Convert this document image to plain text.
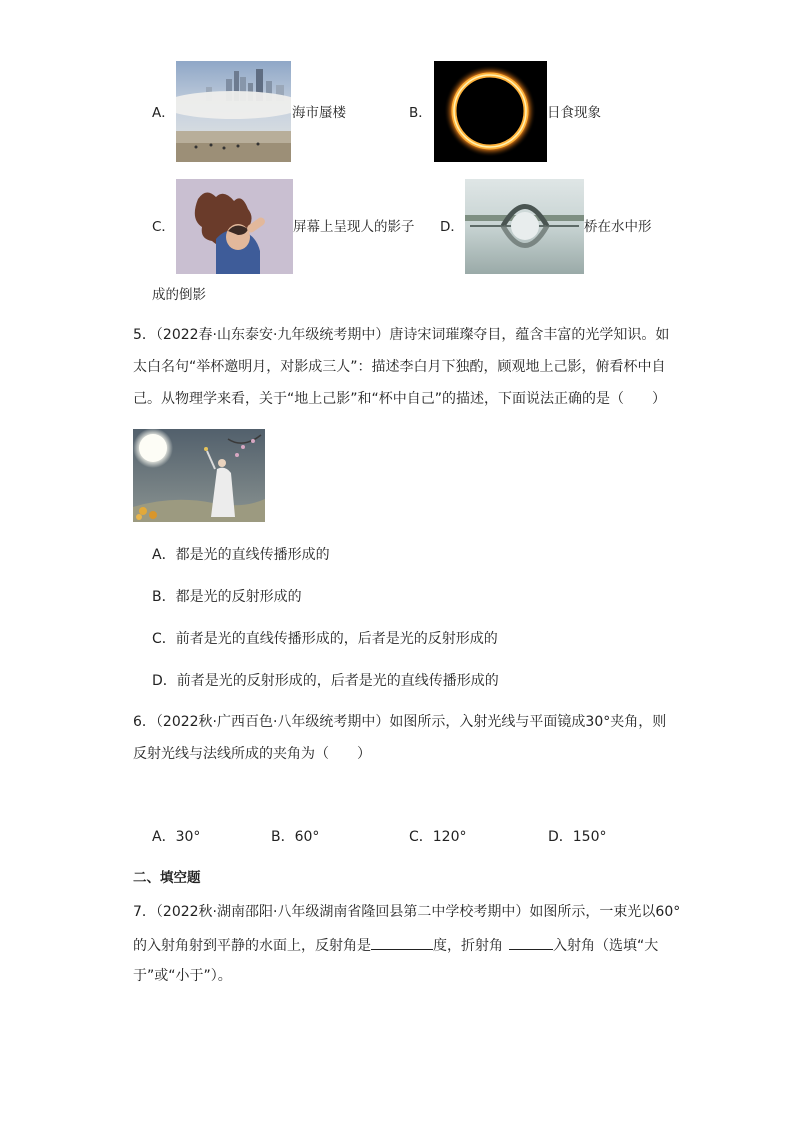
A．	海市蜃楼	B．	日食现象
C．	屏幕上呈现人的影子 D．	桥在水中形
成的倒影
5．（2022春·山东泰安·九年级统考期中）唐诗宋词璀璨夺目，蕴含丰富的光学知识。如
太白名句“举杯邀明月，对影成三人”：描述李白月下独酌，顾观地上己影，俯看杯中自
己。从物理学来看，关于“地上己影”和“杯中自己”的描述，下面说法正确的是（　　）
A．都是光的直线传播形成的
B．都是光的反射形成的
C．前者是光的直线传播形成的，后者是光的反射形成的
D．前者是光的反射形成的，后者是光的直线传播形成的
6．（2022秋·广西百色·八年级统考期中）如图所示，入射光线与平面镜成30°夹角，则
反射光线与法线所成的夹角为（　　）
A．30°	B．60°	C．120°	D．150°
二、填空题
7．（2022秋·湖南邵阳·八年级湖南省隆回县第二中学校考期中）如图所示，一束光以60°
的入射角射到平静的水面上，反射角是	度，折射角	入射角（选填“大
于”或“小于”）。
